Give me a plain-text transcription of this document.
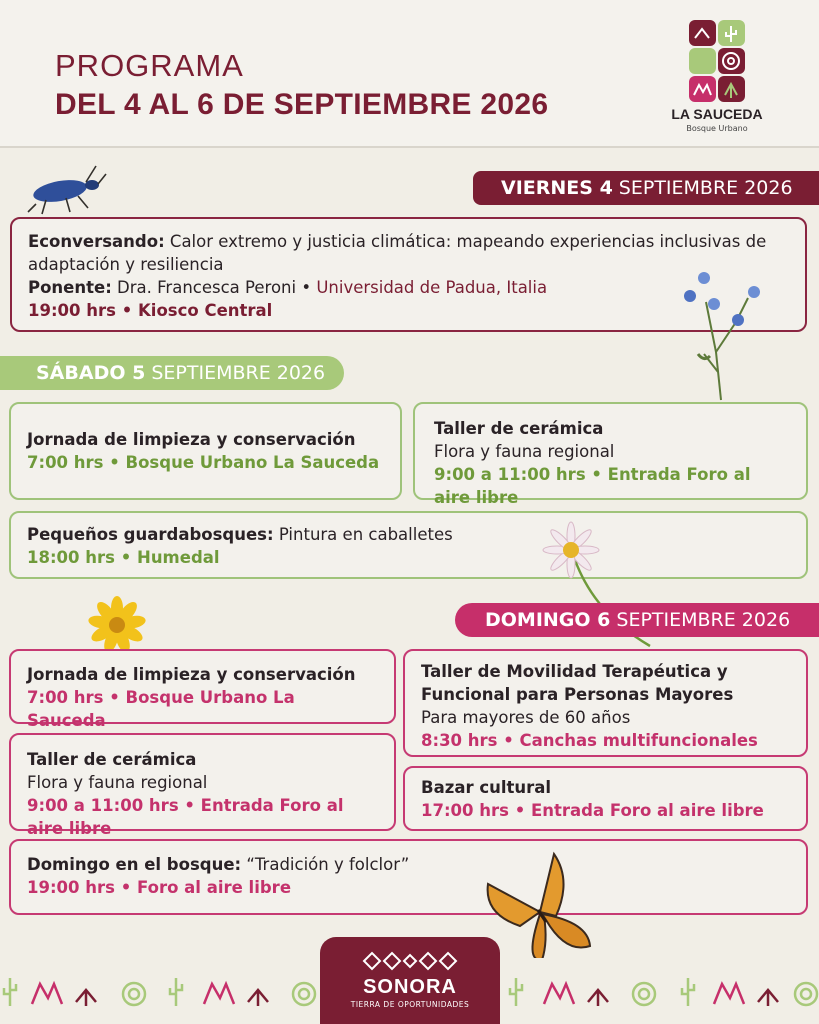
PROGRAMA
DEL 4 AL 6 DE SEPTIEMBRE 2026	LA SAUCEDA
Bosque Urbano
VIERNES 4 SEPTIEMBRE 2026
Econversando: Calor extremo y justicia climática: mapeando experiencias inclusivas de adaptación y resiliencia
Ponente: Dra. Francesca Peroni • Universidad de Padua, Italia
19:00 hrs • Kiosco Central
SÁBADO 5 SEPTIEMBRE 2026
Jornada de limpieza y conservación
7:00 hrs • Bosque Urbano La Sauceda
Taller de cerámica
Flora y fauna regional
9:00 a 11:00 hrs • Entrada Foro al aire libre
Pequeños guardabosques: Pintura en caballetes
18:00 hrs • Humedal
DOMINGO 6 SEPTIEMBRE 2026
Jornada de limpieza y conservación
7:00 hrs • Bosque Urbano La Sauceda
Taller de Movilidad Terapéutica y Funcional para Personas Mayores
Para mayores de 60 años
8:30 hrs • Canchas multifuncionales
Taller de cerámica
Flora y fauna regional
9:00 a 11:00 hrs • Entrada Foro al aire libre
Bazar cultural
17:00 hrs • Entrada Foro al aire libre
Domingo en el bosque: “Tradición y folclor”
19:00 hrs • Foro al aire libre
SONORA
TIERRA DE OPORTUNIDADES
